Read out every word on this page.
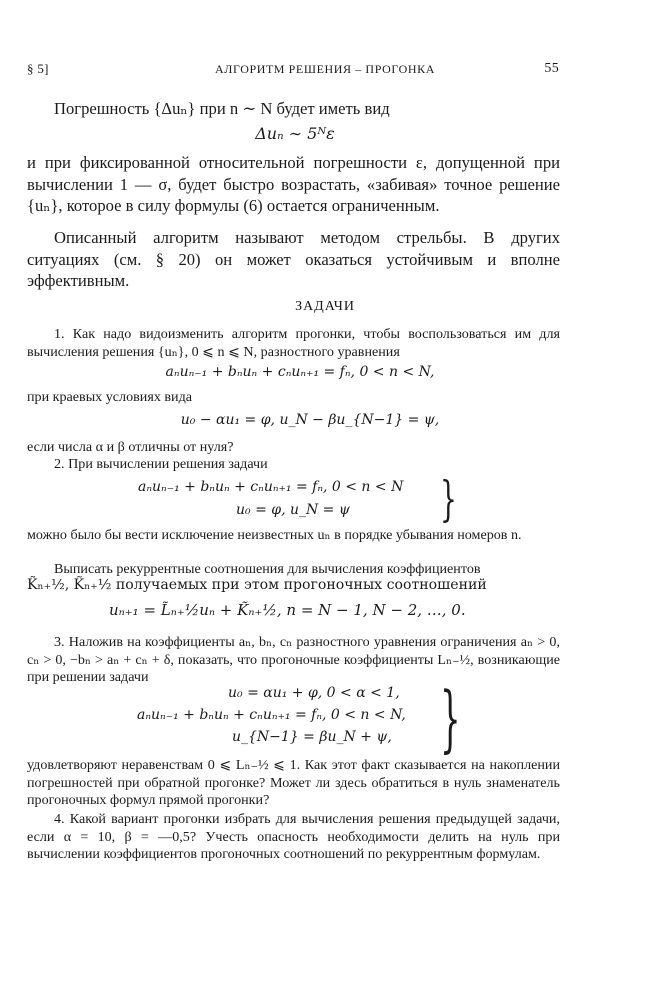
§ 5]	АЛГОРИТМ РЕШЕНИЯ – ПРОГОНКА	55
Погрешность {Δuₙ} при n ∼ N будет иметь вид
Δuₙ ∼ 5ᴺε
и при фиксированной относительной погрешности ε, допущенной при вычислении 1 — σ, будет быстро возрастать, «забивая» точное решение {uₙ}, которое в силу формулы (6) остается ограниченным.
Описанный алгоритм называют методом стрельбы. В других ситуациях (см. § 20) он может оказаться устойчивым и вполне эффективным.
ЗАДАЧИ
1. Как надо видоизменить алгоритм прогонки, чтобы воспользоваться им для вычисления решения {uₙ}, 0 ⩽ n ⩽ N, разностного уравнения
aₙuₙ₋₁ + bₙuₙ + cₙuₙ₊₁ = fₙ, 0 < n < N,
при краевых условиях вида
u₀ − αu₁ = φ, u_N − βu_{N−1} = ψ,
если числа α и β отличны от нуля?
2. При вычислении решения задачи
aₙuₙ₋₁ + bₙuₙ + cₙuₙ₊₁ = fₙ, 0 < n < N
u₀ = φ, u_N = ψ }
можно было бы вести исключение неизвестных uₙ в порядке убывания номеров n.
Выписать рекуррентные соотношения для вычисления коэффициентов
K̃ₙ₊½, K̃ₙ₊½ получаемых при этом прогоночных соотношений
uₙ₊₁ = L̃ₙ₊½uₙ + K̃ₙ₊½, n = N − 1, N − 2, …, 0.
3. Наложив на коэффициенты aₙ, bₙ, cₙ разностного уравнения ограничения aₙ > 0, cₙ > 0, −bₙ > aₙ + cₙ + δ, показать, что прогоночные коэффициенты Lₙ₋½, возникающие при решении задачи
u₀ = αu₁ + φ, 0 < α < 1,
aₙuₙ₋₁ + bₙuₙ + cₙuₙ₊₁ = fₙ, 0 < n < N,
u_{N−1} = βu_N + ψ, }
удовлетворяют неравенствам 0 ⩽ Lₙ₋½ ⩽ 1. Как этот факт сказывается на накоплении погрешностей при обратной прогонке? Может ли здесь обратиться в нуль знаменатель прогоночных формул прямой прогонки?
4. Какой вариант прогонки избрать для вычисления решения предыдущей задачи, если α = 10, β = —0,5? Учесть опасность необходимости делить на нуль при вычислении коэффициентов прогоночных соотношений по рекуррентным формулам.
